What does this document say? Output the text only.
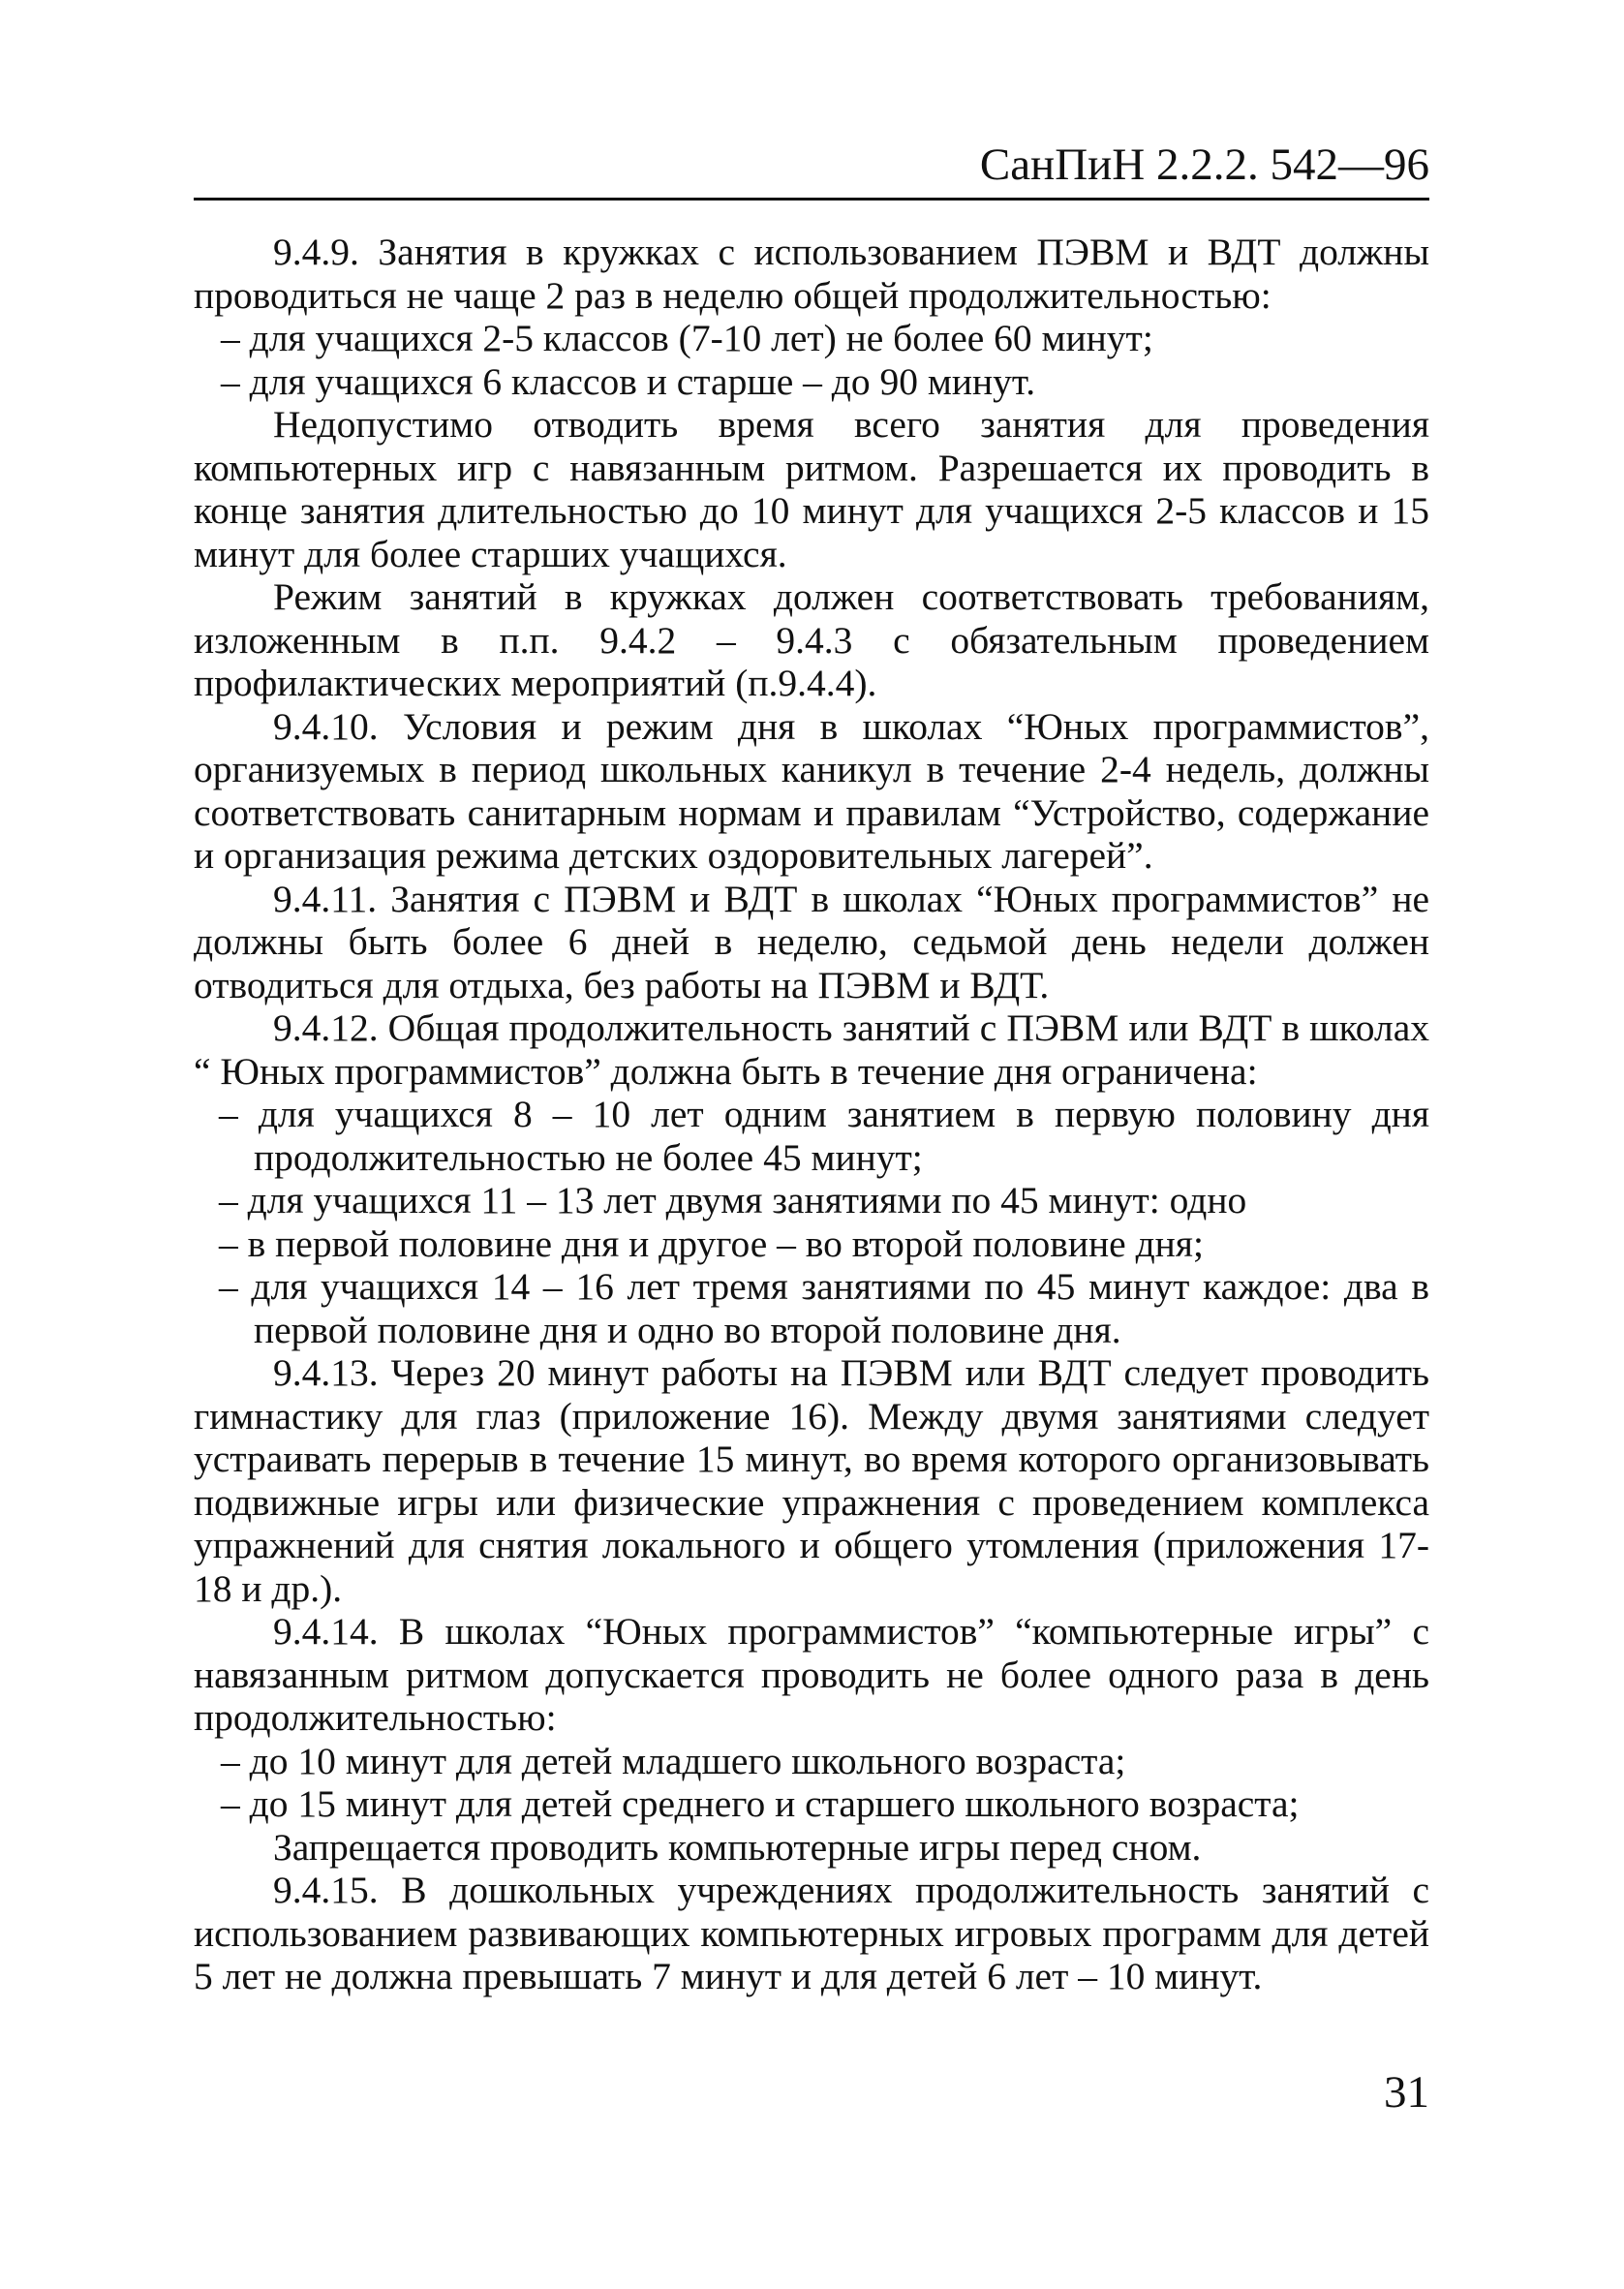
СанПиН 2.2.2. 542—96

9.4.9. Занятия в кружках с использованием ПЭВМ и ВДТ должны проводиться не чаще 2 раз в неделю общей продолжительностью:

– для учащихся 2-5 классов (7-10 лет) не более 60 минут;

– для учащихся 6 классов и старше – до 90 минут.

Недопустимо отводить время всего занятия для проведения компьютерных игр с навязанным ритмом. Разрешается их проводить в конце занятия длительностью до 10 минут для учащихся 2-5 классов и 15 минут для более старших учащихся.

Режим занятий в кружках должен соответствовать требованиям, изложенным в п.п. 9.4.2 – 9.4.3 с обязательным проведением профилактических мероприятий (п.9.4.4).

9.4.10. Условия и режим дня в школах “Юных программистов”, организуемых в период школьных каникул в течение 2-4 недель, должны соответствовать санитарным нормам и правилам “Устройство, содержание и организация режима детских оздоровительных лагерей”.

9.4.11. Занятия с ПЭВМ и ВДТ в школах “Юных программистов” не должны быть более 6 дней в неделю, седьмой день недели должен отводиться для отдыха, без работы на ПЭВМ и ВДТ.

9.4.12. Общая продолжительность занятий с ПЭВМ или ВДТ в школах “ Юных программистов” должна быть в течение дня ограничена:

– для учащихся 8 – 10 лет одним занятием в первую половину дня продолжительностью не более 45 минут;

– для учащихся 11 – 13 лет двумя занятиями по 45 минут: одно

– в первой половине дня и другое – во второй половине дня;

– для учащихся 14 – 16 лет тремя занятиями по 45 минут каждое: два в первой половине дня и одно во второй половине дня.

9.4.13. Через 20 минут работы на ПЭВМ или ВДТ следует проводить гимнастику для глаз (приложение 16). Между двумя занятиями следует устраивать перерыв в течение 15 минут, во время которого организовывать подвижные игры или физические упражнения с проведением комплекса упражнений для снятия локального и общего утомления (приложения 17-18 и др.).

9.4.14. В школах “Юных программистов” “компьютерные игры” с навязанным ритмом допускается проводить не более одного раза в день продолжительностью:

– до 10 минут для детей младшего школьного возраста;

– до 15 минут для детей среднего и старшего школьного возраста;

Запрещается проводить компьютерные игры перед сном.

9.4.15. В дошкольных учреждениях продолжительность занятий с использованием развивающих компьютерных игровых программ для детей 5 лет не должна превышать 7 минут и для детей 6 лет – 10 минут.

31
